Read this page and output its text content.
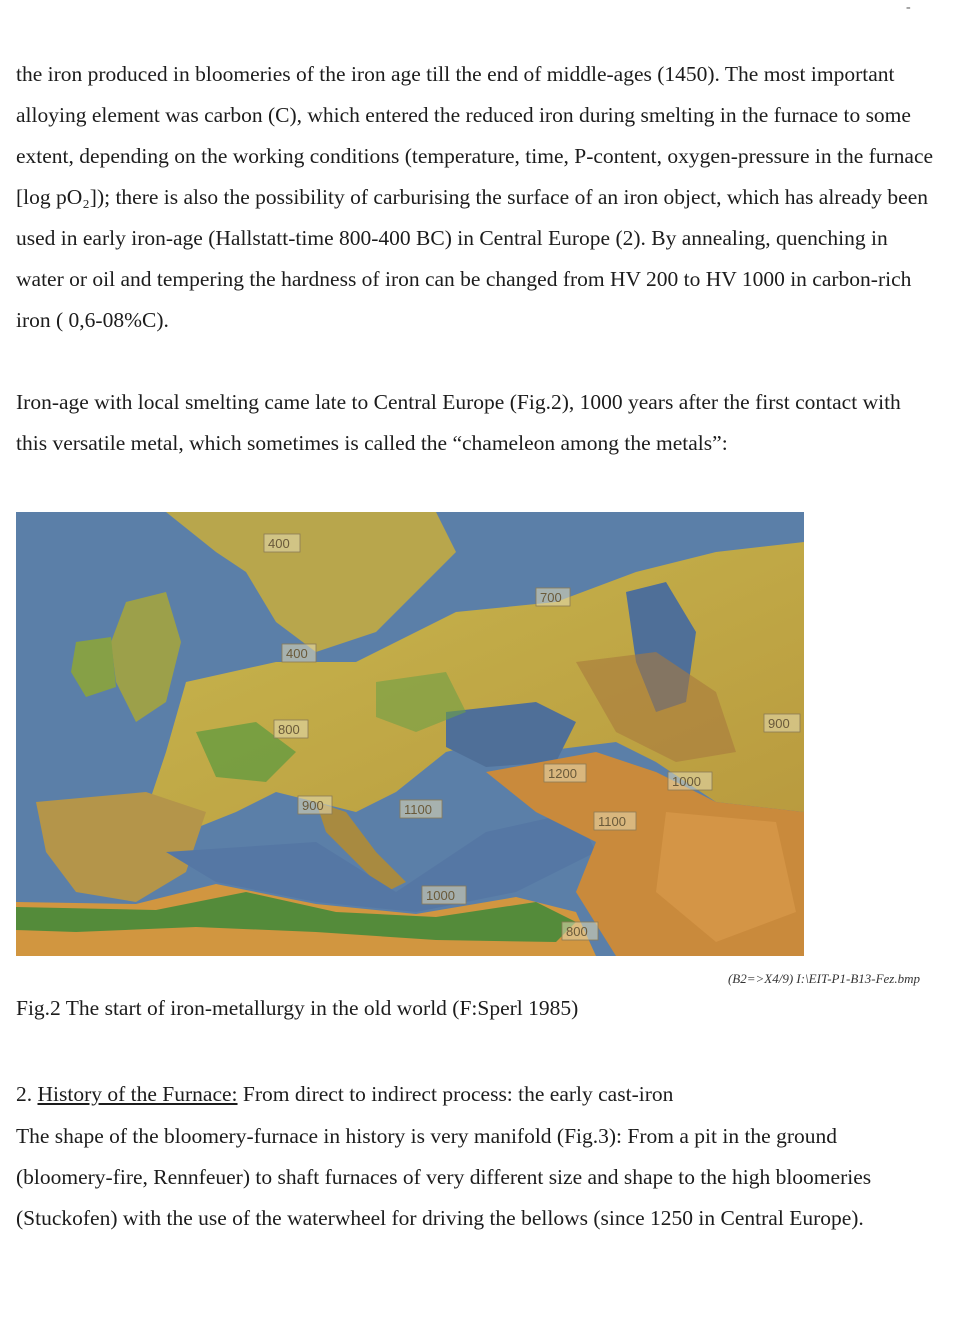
-

the iron produced in bloomeries of the iron age till the end of middle-ages (1450). The most important alloying element was carbon (C), which entered the reduced iron during smelting in the furnace to some extent, depending on the working conditions (temperature, time, P-content, oxygen-pressure in the furnace [log pO₂]); there is also the possibility of carburising the surface of an iron object, which has already been used in early iron-age (Hallstatt-time 800-400 BC) in Central Europe (2). By annealing, quenching in water or oil and tempering the hardness of iron can be changed from HV 200 to HV 1000 in carbon-rich iron ( 0,6-08%C).

Iron-age with local smelting came late to Central Europe (Fig.2), 1000 years after the first contact with this versatile metal, which sometimes is called the “chameleon among the metals”:

400
700
400
800
900
1200
1000
900
1100
1100
1000
800
(B2=>X4/9) I:\EIT-P1-B13-Fez.bmp

Fig.2 The start of iron-metallurgy in the old world (F:Sperl 1985)

2. History of the Furnace: From direct to indirect process: the early cast-iron

The shape of the bloomery-furnace in history is very manifold (Fig.3): From a pit in the ground (bloomery-fire, Rennfeuer) to shaft furnaces of very different size and shape to the high bloomeries (Stuckofen) with the use of the waterwheel for driving the bellows (since 1250 in Central Europe).
